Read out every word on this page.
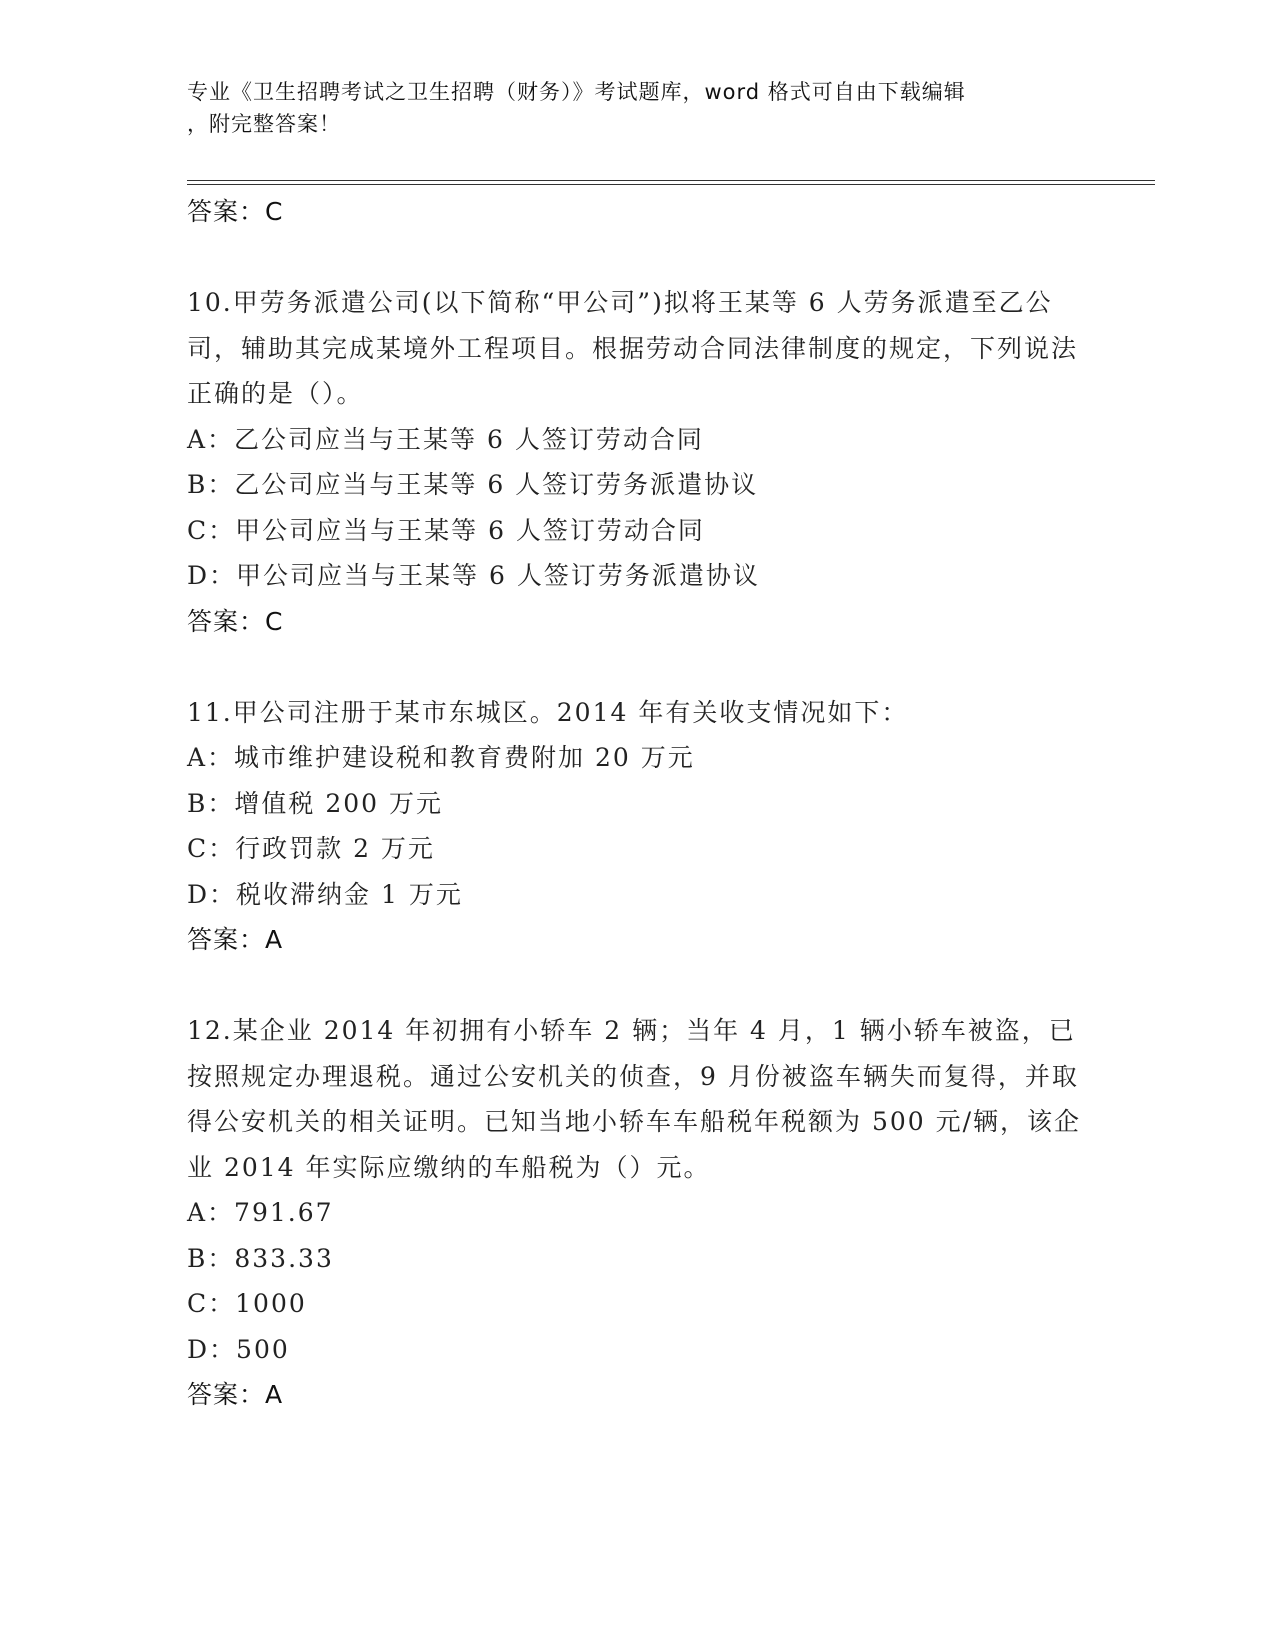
专业《卫生招聘考试之卫生招聘（财务）》考试题库，word 格式可自由下载编辑
，附完整答案！
答案：C

10.甲劳务派遣公司(以下简称“甲公司”)拟将王某等 6 人劳务派遣至乙公司，辅助其完成某境外工程项目。根据劳动合同法律制度的规定，下列说法正确的是（）。

A：乙公司应当与王某等 6 人签订劳动合同
B：乙公司应当与王某等 6 人签订劳务派遣协议
C：甲公司应当与王某等 6 人签订劳动合同
D：甲公司应当与王某等 6 人签订劳务派遣协议
答案：C

11.甲公司注册于某市东城区。2014 年有关收支情况如下：

A：城市维护建设税和教育费附加 20 万元
B：增值税 200 万元
C：行政罚款 2 万元
D：税收滞纳金 1 万元
答案：A

12.某企业 2014 年初拥有小轿车 2 辆；当年 4 月，1 辆小轿车被盗，已按照规定办理退税。通过公安机关的侦查，9 月份被盗车辆失而复得，并取得公安机关的相关证明。已知当地小轿车车船税年税额为 500 元/辆，该企业 2014 年实际应缴纳的车船税为（）元。

A：791.67
B：833.33
C：1000
D：500
答案：A
